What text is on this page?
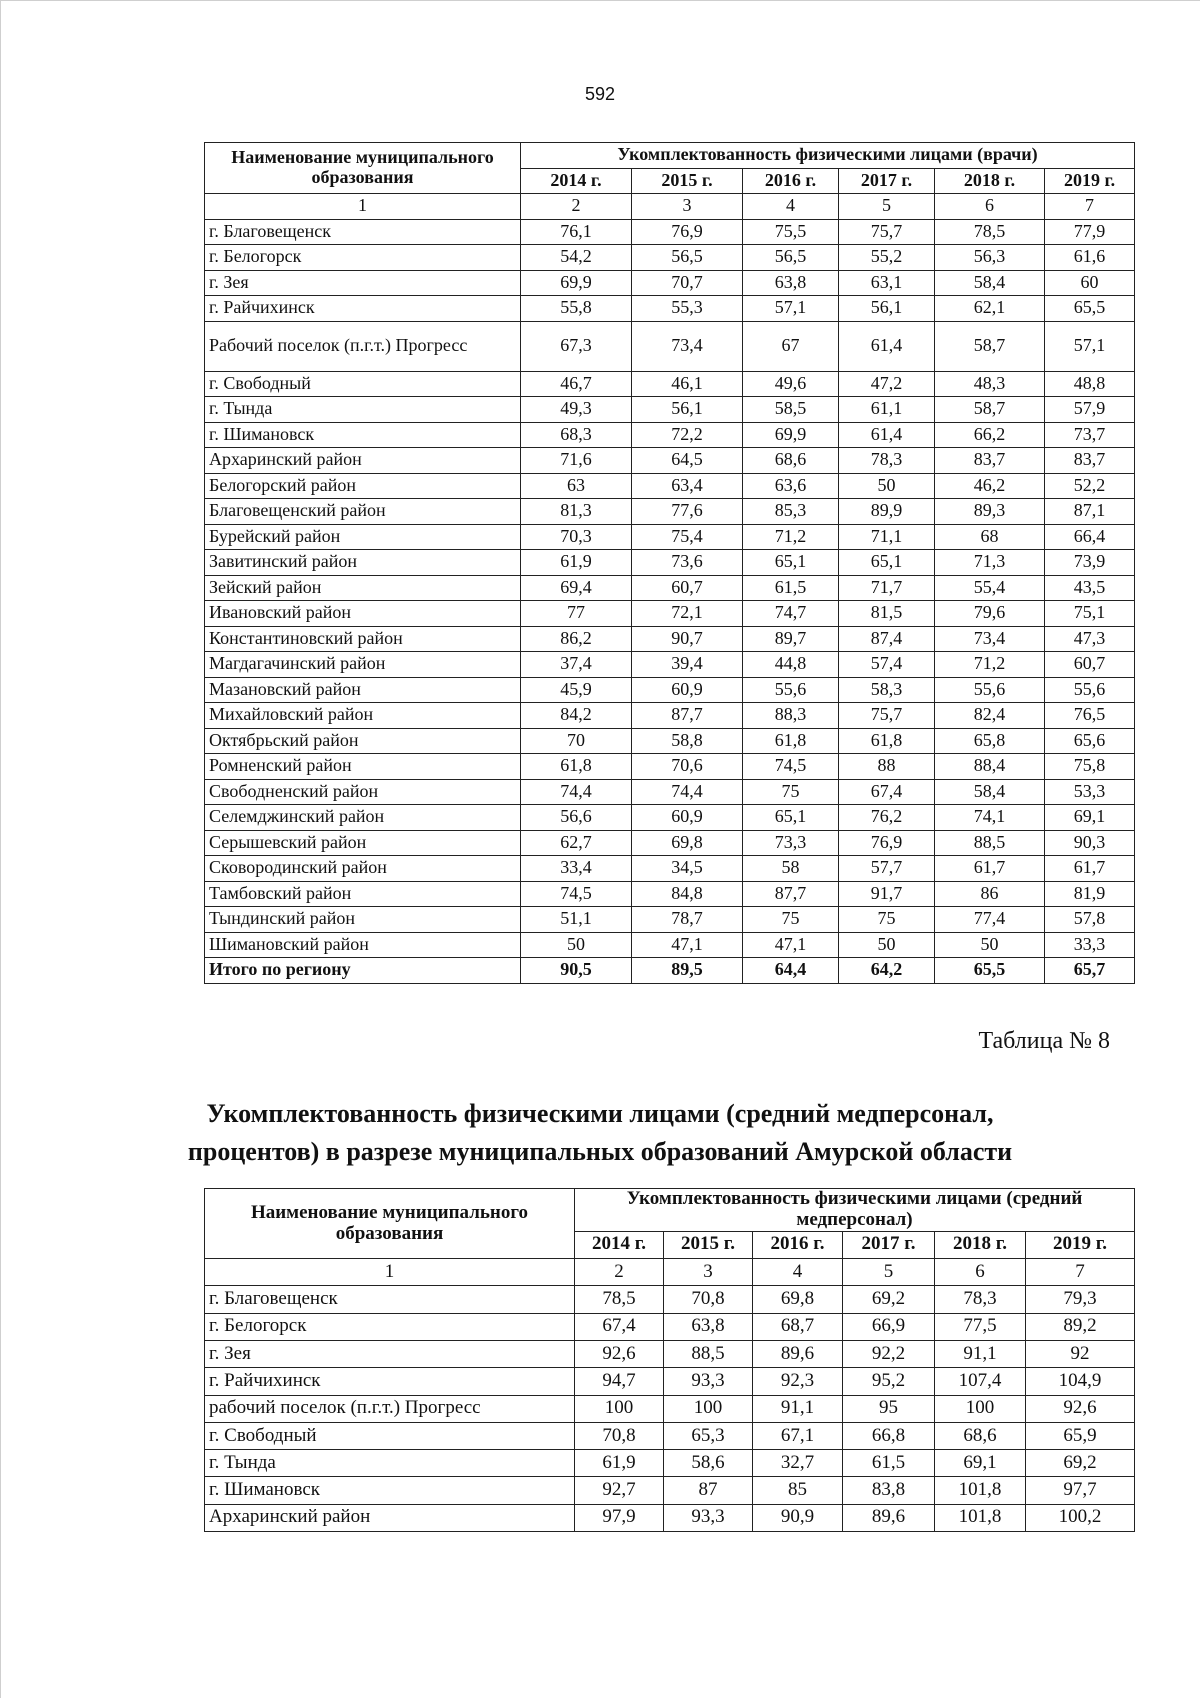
592
Наименование муниципального образования	Укомплектованность физическими лицами (врачи)					
	2014 г.	2015 г.	2016 г.	2017 г.	2018 г.	2019 г.
1	2	3	4	5	6	7
г. Благовещенск	76,1	76,9	75,5	75,7	78,5	77,9
г. Белогорск	54,2	56,5	56,5	55,2	56,3	61,6
г. Зея	69,9	70,7	63,8	63,1	58,4	60
г. Райчихинск	55,8	55,3	57,1	56,1	62,1	65,5
Рабочий поселок (п.г.т.) Прогресс	67,3	73,4	67	61,4	58,7	57,1
г. Свободный	46,7	46,1	49,6	47,2	48,3	48,8
г. Тында	49,3	56,1	58,5	61,1	58,7	57,9
г. Шимановск	68,3	72,2	69,9	61,4	66,2	73,7
Архаринский район	71,6	64,5	68,6	78,3	83,7	83,7
Белогорский район	63	63,4	63,6	50	46,2	52,2
Благовещенский район	81,3	77,6	85,3	89,9	89,3	87,1
Бурейский район	70,3	75,4	71,2	71,1	68	66,4
Завитинский район	61,9	73,6	65,1	65,1	71,3	73,9
Зейский район	69,4	60,7	61,5	71,7	55,4	43,5
Ивановский район	77	72,1	74,7	81,5	79,6	75,1
Константиновский район	86,2	90,7	89,7	87,4	73,4	47,3
Магдагачинский район	37,4	39,4	44,8	57,4	71,2	60,7
Мазановский район	45,9	60,9	55,6	58,3	55,6	55,6
Михайловский район	84,2	87,7	88,3	75,7	82,4	76,5
Октябрьский район	70	58,8	61,8	61,8	65,8	65,6
Ромненский район	61,8	70,6	74,5	88	88,4	75,8
Свободненский район	74,4	74,4	75	67,4	58,4	53,3
Селемджинский район	56,6	60,9	65,1	76,2	74,1	69,1
Серышевский район	62,7	69,8	73,3	76,9	88,5	90,3
Сковородинский район	33,4	34,5	58	57,7	61,7	61,7
Тамбовский район	74,5	84,8	87,7	91,7	86	81,9
Тындинский район	51,1	78,7	75	75	77,4	57,8
Шимановский район	50	47,1	47,1	50	50	33,3
Итого по региону	90,5	89,5	64,4	64,2	65,5	65,7
Таблица № 8
Укомплектованность физическими лицами (средний медперсонал, процентов) в разрезе муниципальных образований Амурской области
Наименование муниципального образования	Укомплектованность физическими лицами (средний медперсонал)					
	2014 г.	2015 г.	2016 г.	2017 г.	2018 г.	2019 г.
1	2	3	4	5	6	7
г. Благовещенск	78,5	70,8	69,8	69,2	78,3	79,3
г. Белогорск	67,4	63,8	68,7	66,9	77,5	89,2
г. Зея	92,6	88,5	89,6	92,2	91,1	92
г. Райчихинск	94,7	93,3	92,3	95,2	107,4	104,9
рабочий поселок (п.г.т.) Прогресс	100	100	91,1	95	100	92,6
г. Свободный	70,8	65,3	67,1	66,8	68,6	65,9
г. Тында	61,9	58,6	32,7	61,5	69,1	69,2
г. Шимановск	92,7	87	85	83,8	101,8	97,7
Архаринский район	97,9	93,3	90,9	89,6	101,8	100,2
